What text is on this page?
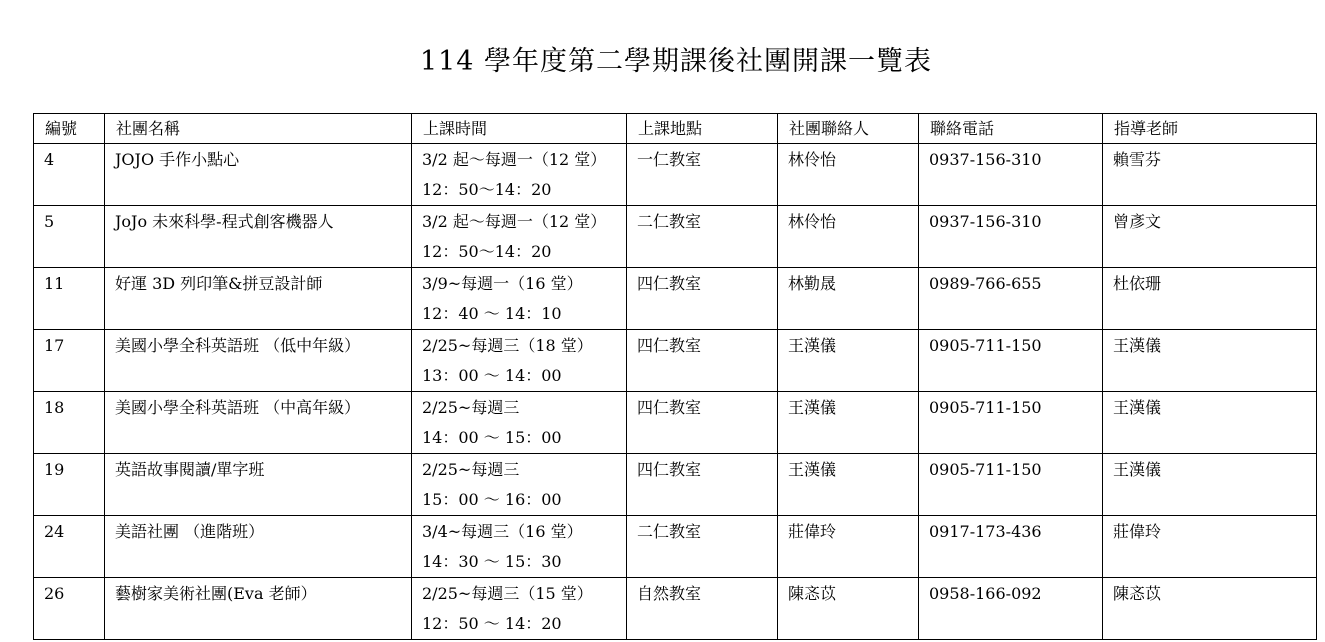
114 學年度第二學期課後社團開課一覽表
編號	社團名稱	上課時間	上課地點	社團聯絡人	聯絡電話	指導老師
4	JOJO 手作小點心	3/2 起～每週一（12 堂）
12：50～14：20	一仁教室	林伶怡	0937-156-310	賴雪芬
5	JoJo 未來科學-程式創客機器人	3/2 起～每週一（12 堂）
12：50～14：20	二仁教室	林伶怡	0937-156-310	曾彥文
11	好運 3D 列印筆&拼豆設計師	3/9~每週一（16 堂）
12：40 ～ 14：10	四仁教室	林勤晟	0989-766-655	杜依珊
17	美國小學全科英語班 （低中年級）	2/25~每週三（18 堂）
13：00 ～ 14：00	四仁教室	王漢儀	0905-711-150	王漢儀
18	美國小學全科英語班 （中高年級）	2/25~每週三
14：00 ～ 15：00	四仁教室	王漢儀	0905-711-150	王漢儀
19	英語故事閱讀/單字班	2/25~每週三
15：00 ～ 16：00	四仁教室	王漢儀	0905-711-150	王漢儀
24	美語社團 （進階班）	3/4~每週三（16 堂）
14：30 ～ 15：30	二仁教室	莊偉玲	0917-173-436	莊偉玲
26	藝樹家美術社團(Eva 老師）	2/25~每週三（15 堂）
12：50 ～ 14：20	自然教室	陳忞苡	0958-166-092	陳忞苡
